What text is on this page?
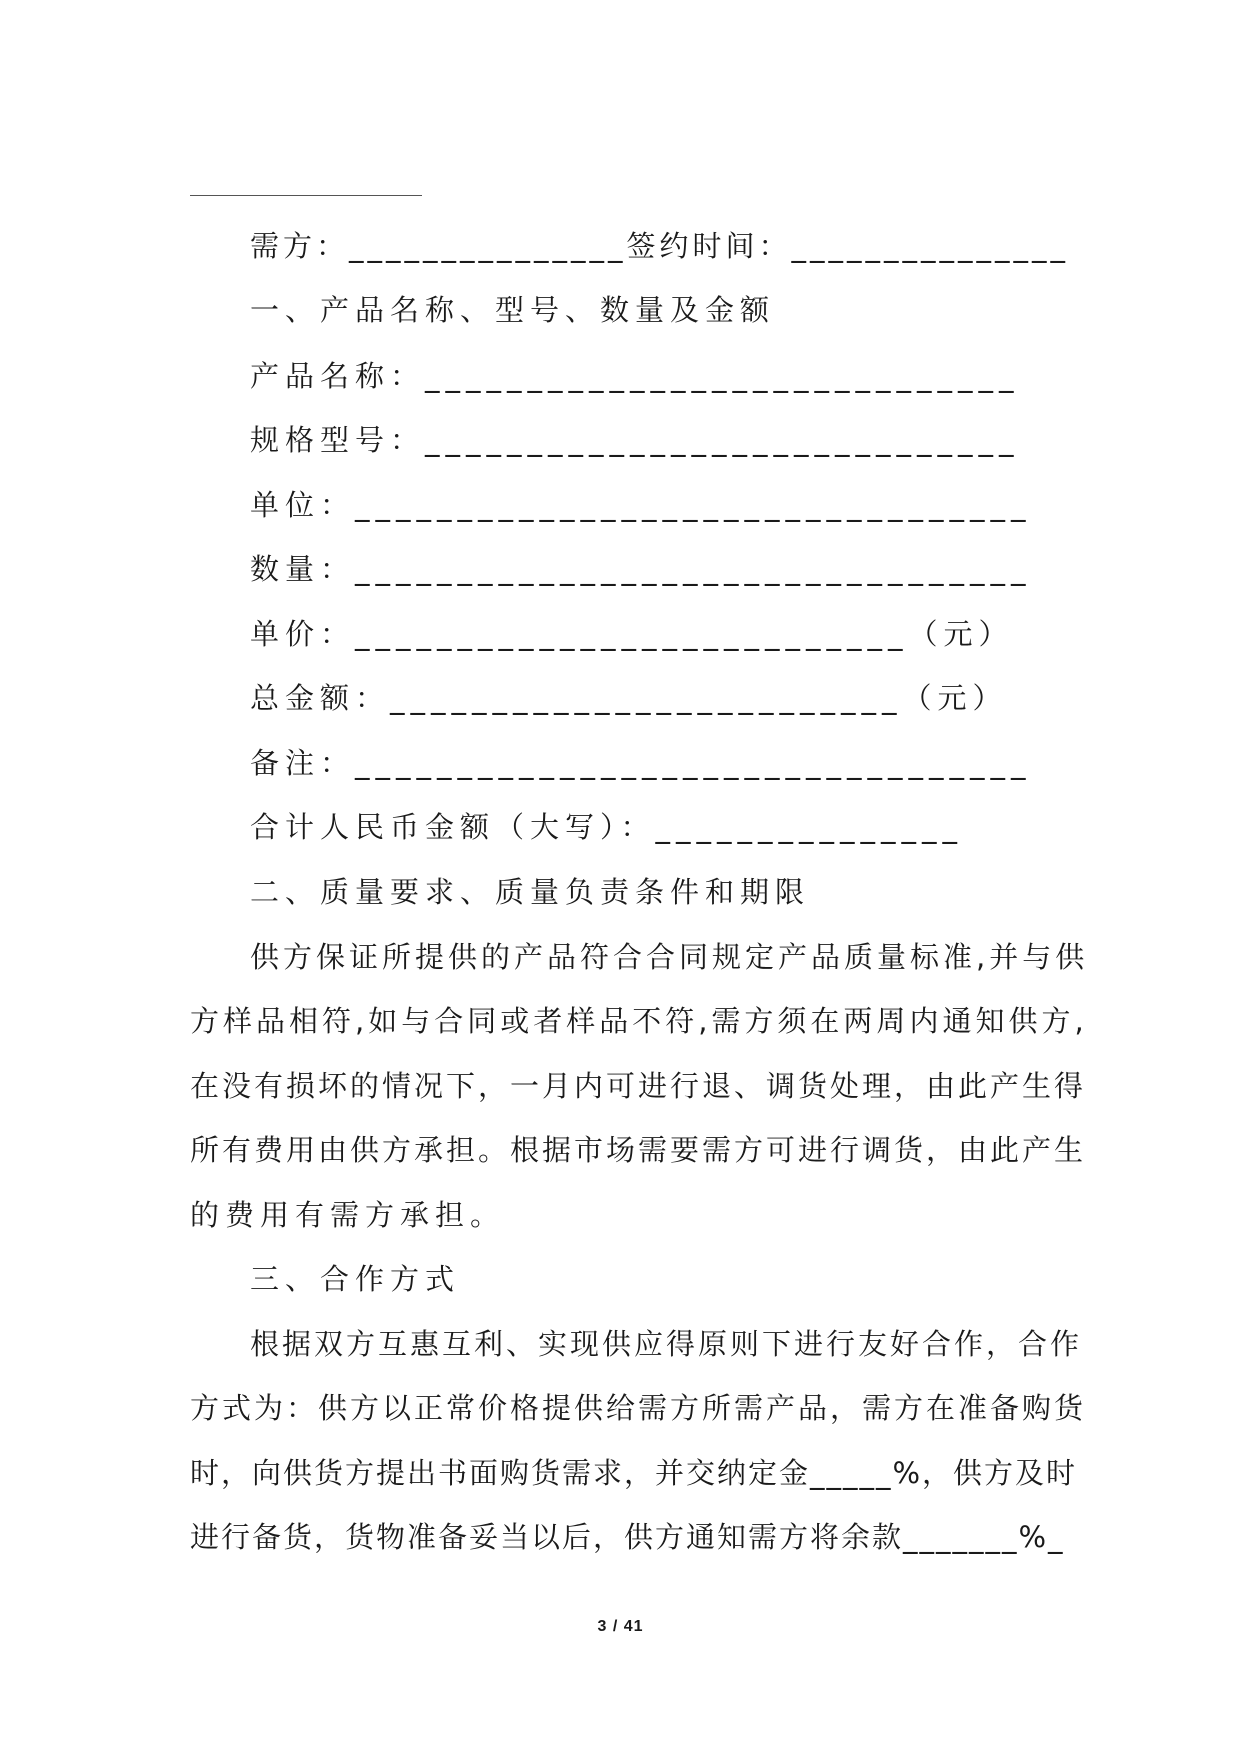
需方：_______________签约时间：_______________
一、产品名称、型号、数量及金额
产品名称：_____________________________
规格型号：_____________________________
单位：_________________________________
数量：_________________________________
单价：___________________________（元）
总金额：_________________________（元）
备注：_________________________________
合计人民币金额（大写）：_______________
二、质量要求、质量负责条件和期限
供方保证所提供的产品符合合同规定产品质量标准,并与供
方样品相符,如与合同或者样品不符,需方须在两周内通知供方,
在没有损坏的情况下，一月内可进行退、调货处理，由此产生得
所有费用由供方承担。根据市场需要需方可进行调货，由此产生
的费用有需方承担。
三、合作方式
根据双方互惠互利、实现供应得原则下进行友好合作，合作
方式为：供方以正常价格提供给需方所需产品，需方在准备购货
时，向供货方提出书面购货需求，并交纳定金_____%，供方及时
进行备货，货物准备妥当以后，供方通知需方将余款_______%_
3 / 41
